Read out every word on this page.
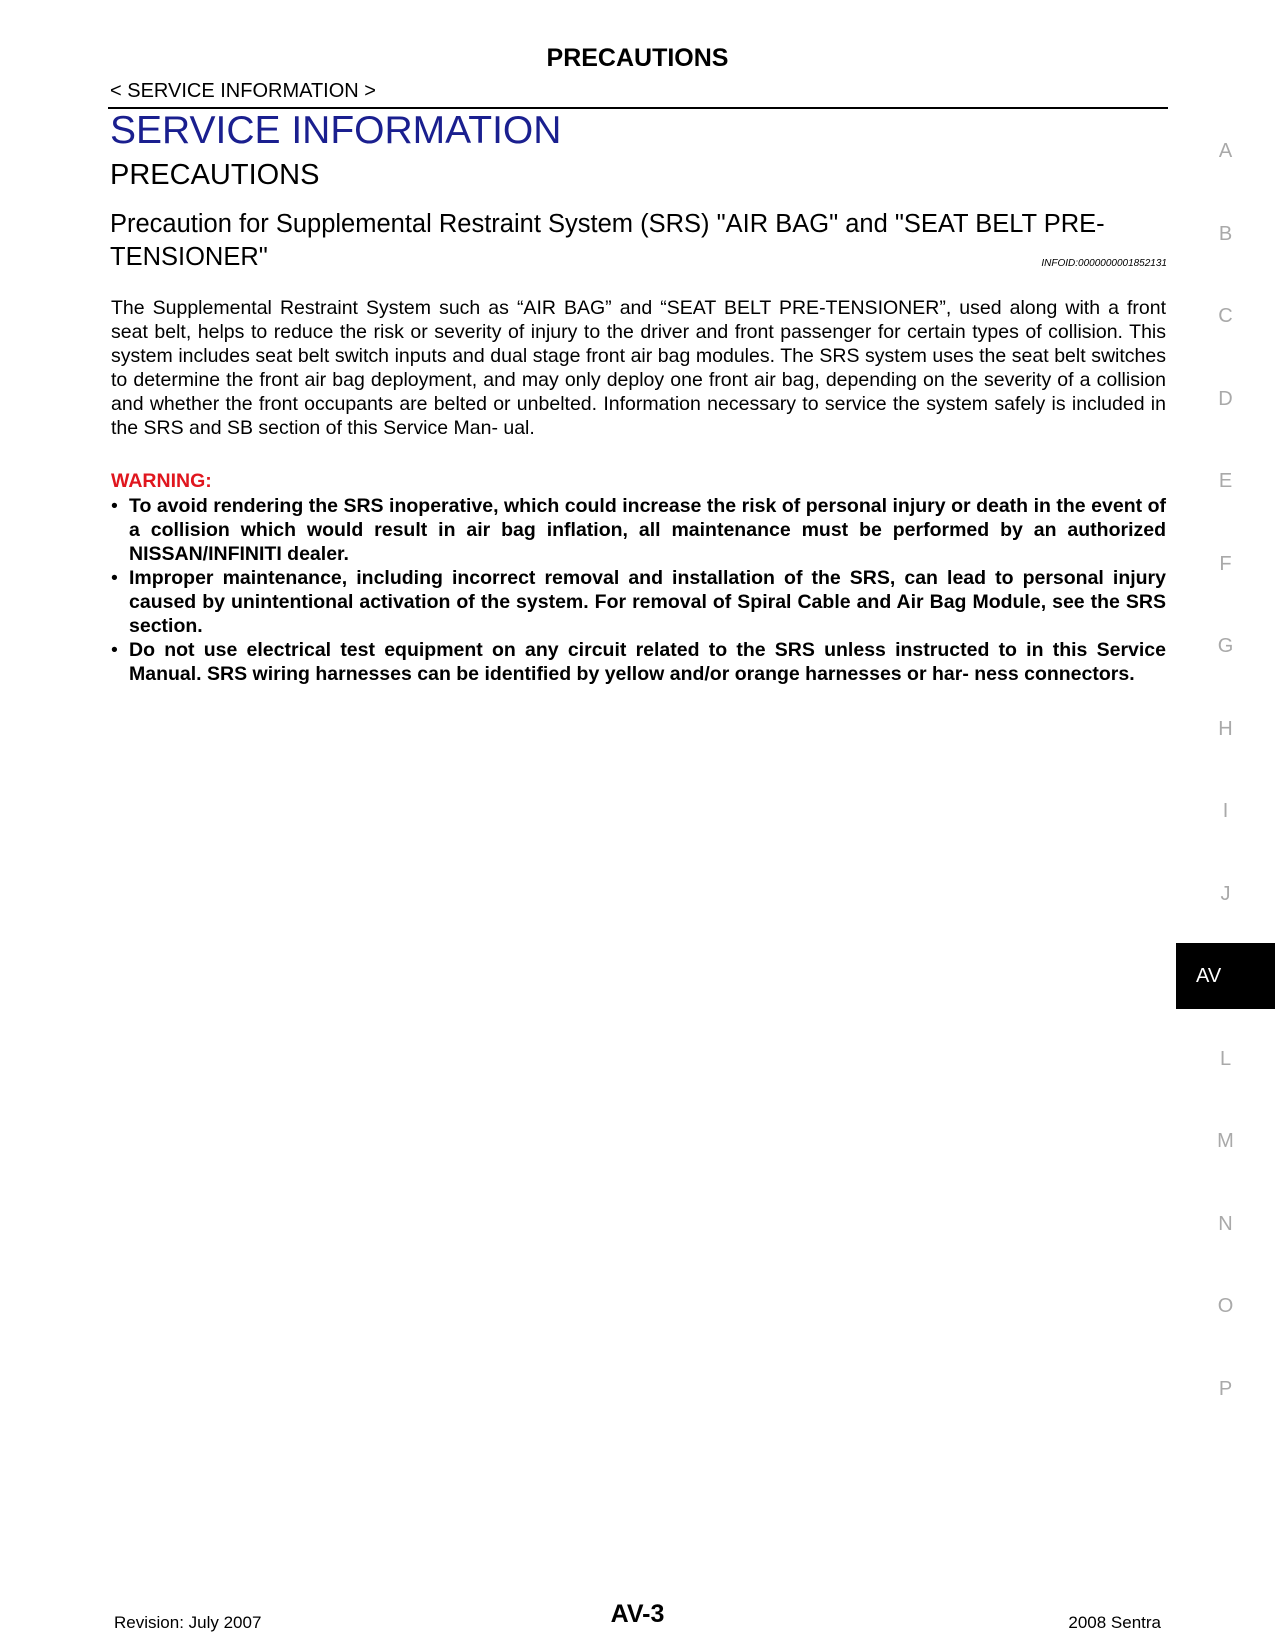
PRECAUTIONS
< SERVICE INFORMATION >
SERVICE INFORMATION
PRECAUTIONS
Precaution for Supplemental Restraint System (SRS) "AIR BAG" and "SEAT BELT PRE-TENSIONER"	INFOID:0000000001852131

The Supplemental Restraint System such as “AIR BAG” and “SEAT BELT PRE-TENSIONER”, used along with a front seat belt, helps to reduce the risk or severity of injury to the driver and front passenger for certain types of collision. This system includes seat belt switch inputs and dual stage front air bag modules. The SRS system uses the seat belt switches to determine the front air bag deployment, and may only deploy one front air bag, depending on the severity of a collision and whether the front occupants are belted or unbelted. Information necessary to service the system safely is included in the SRS and SB section of this Service Man- ual.

WARNING:
• To avoid rendering the SRS inoperative, which could increase the risk of personal injury or death in the event of a collision which would result in air bag inflation, all maintenance must be performed by an authorized NISSAN/INFINITI dealer.
• Improper maintenance, including incorrect removal and installation of the SRS, can lead to personal injury caused by unintentional activation of the system. For removal of Spiral Cable and Air Bag Module, see the SRS section.
• Do not use electrical test equipment on any circuit related to the SRS unless instructed to in this Service Manual. SRS wiring harnesses can be identified by yellow and/or orange harnesses or har- ness connectors.
A
B
C
D
E
F
G
H
I
J
AV
L
M
N
O
P
Revision: July 2007	AV-3	2008 Sentra
